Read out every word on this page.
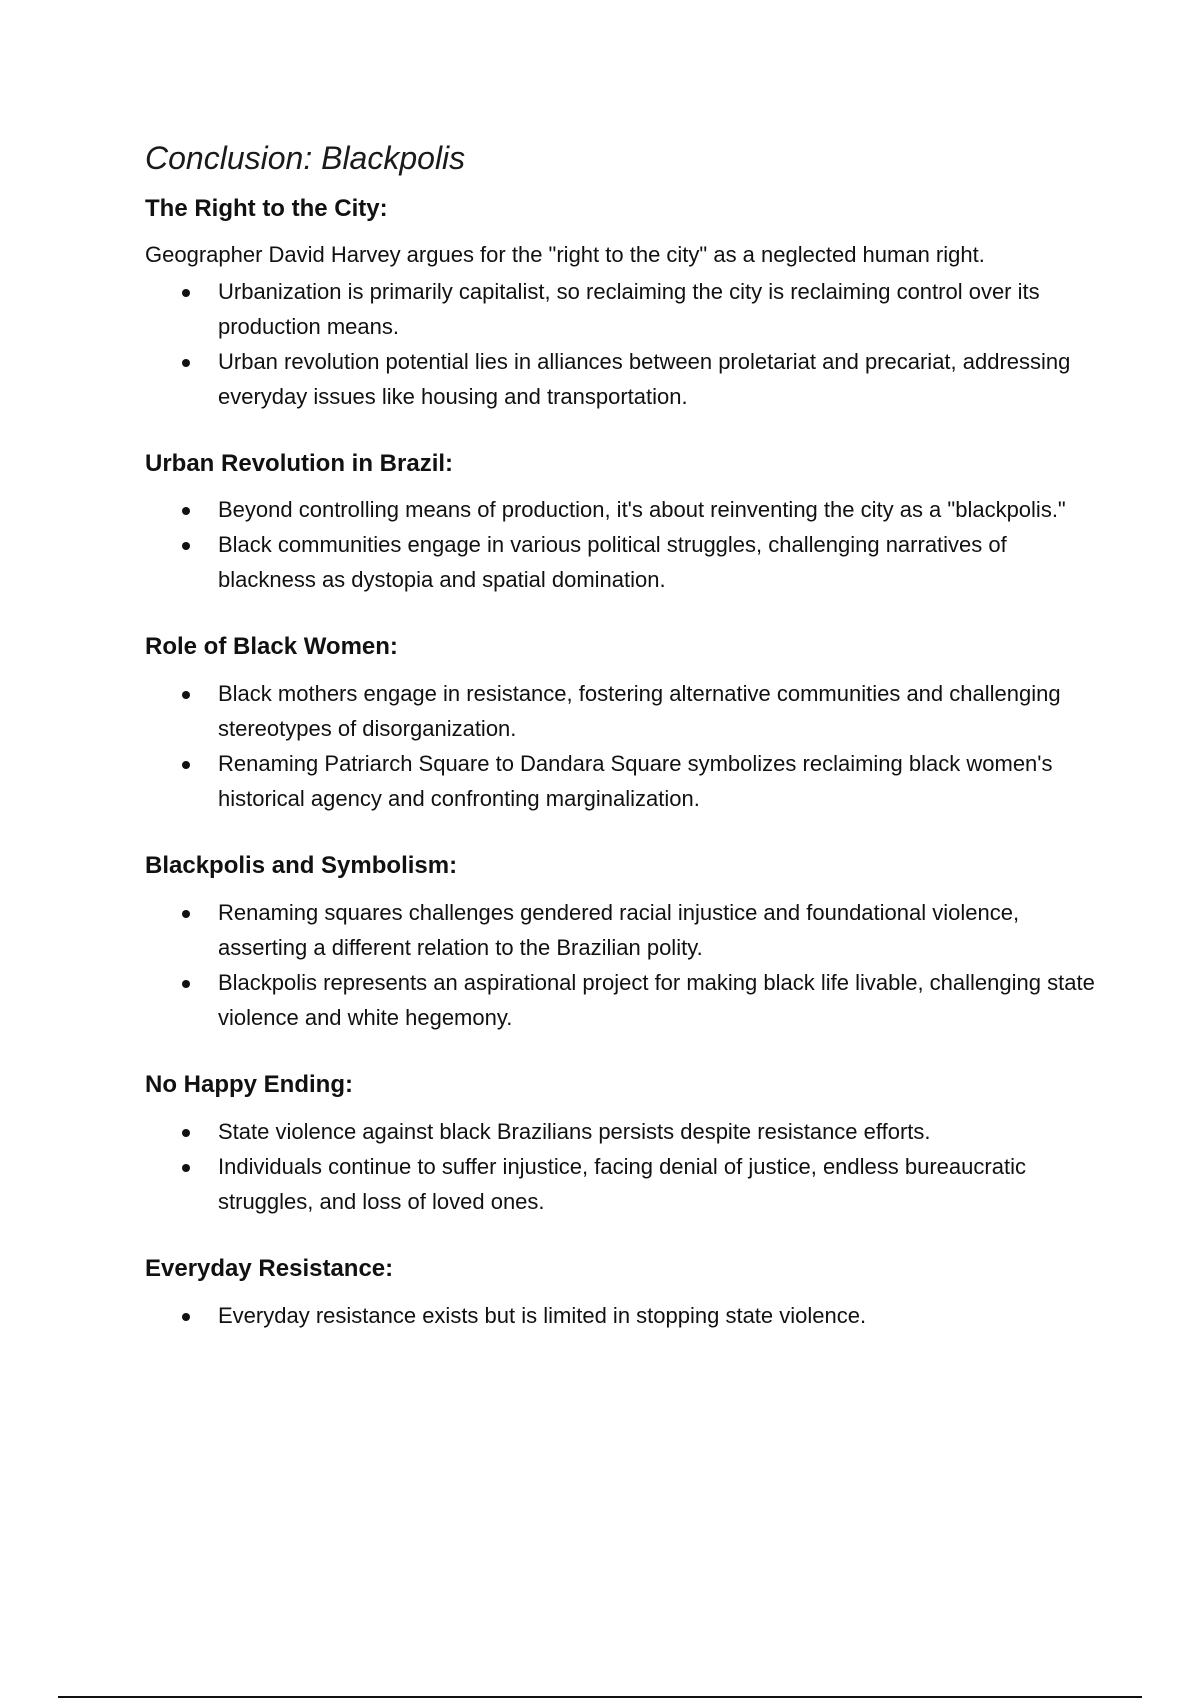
Conclusion: Blackpolis
The Right to the City:

Geographer David Harvey argues for the "right to the city" as a neglected human right.

Urbanization is primarily capitalist, so reclaiming the city is reclaiming control over its production means.
Urban revolution potential lies in alliances between proletariat and precariat, addressing everyday issues like housing and transportation.
Urban Revolution in Brazil:
Beyond controlling means of production, it's about reinventing the city as a "blackpolis."
Black communities engage in various political struggles, challenging narratives of blackness as dystopia and spatial domination.
Role of Black Women:
Black mothers engage in resistance, fostering alternative communities and challenging stereotypes of disorganization.
Renaming Patriarch Square to Dandara Square symbolizes reclaiming black women's historical agency and confronting marginalization.
Blackpolis and Symbolism:
Renaming squares challenges gendered racial injustice and foundational violence, asserting a different relation to the Brazilian polity.
Blackpolis represents an aspirational project for making black life livable, challenging state violence and white hegemony.
No Happy Ending:
State violence against black Brazilians persists despite resistance efforts.
Individuals continue to suffer injustice, facing denial of justice, endless bureaucratic struggles, and loss of loved ones.
Everyday Resistance:
Everyday resistance exists but is limited in stopping state violence.
